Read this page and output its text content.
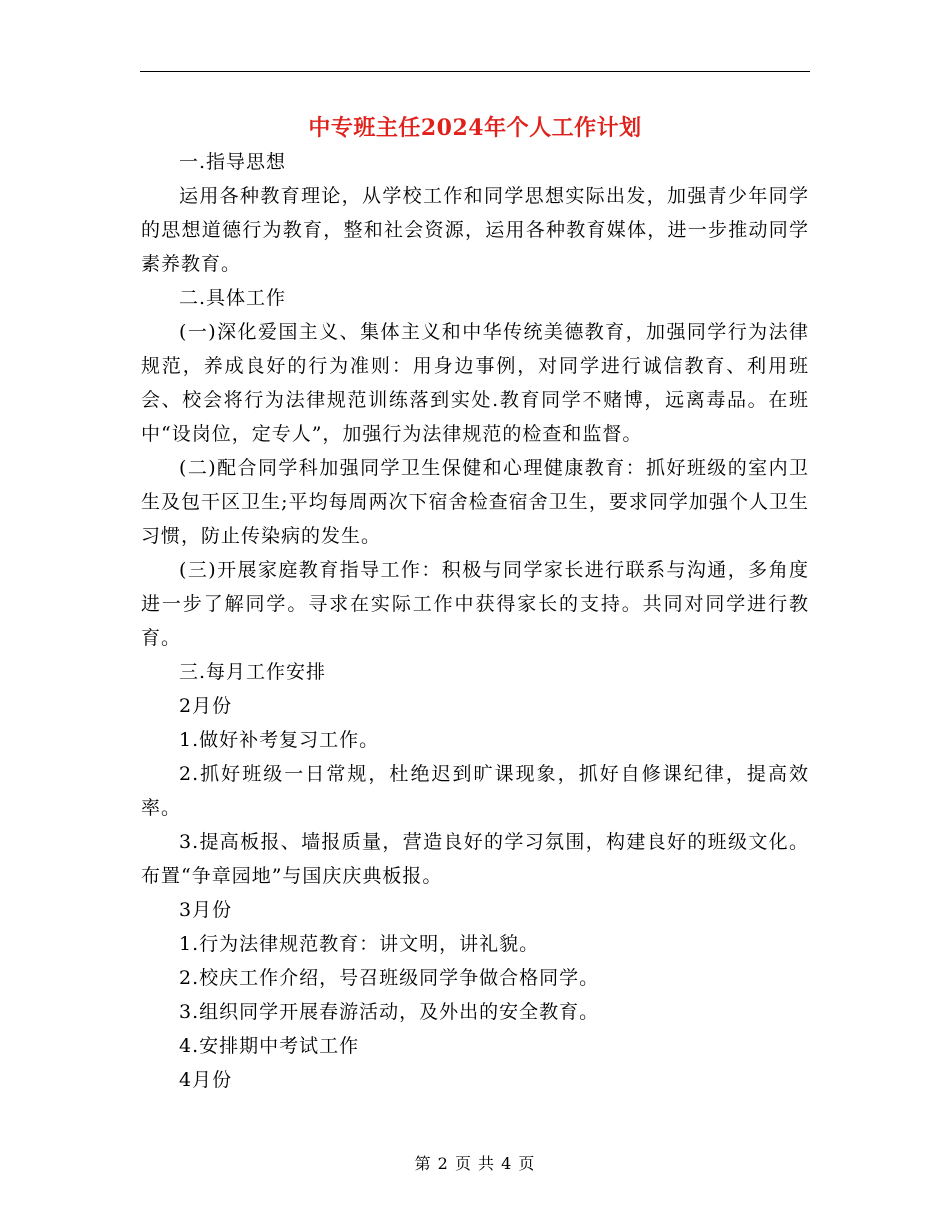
中专班主任2024年个人工作计划

一.指导思想

运用各种教育理论，从学校工作和同学思想实际出发，加强青少年同学的思想道德行为教育，整和社会资源，运用各种教育媒体，进一步推动同学素养教育。

二.具体工作

(一)深化爱国主义、集体主义和中华传统美德教育，加强同学行为法律规范，养成良好的行为准则：用身边事例，对同学进行诚信教育、利用班会、校会将行为法律规范训练落到实处.教育同学不赌博，远离毒品。在班中“设岗位，定专人”，加强行为法律规范的检查和监督。

(二)配合同学科加强同学卫生保健和心理健康教育：抓好班级的室内卫生及包干区卫生;平均每周两次下宿舍检查宿舍卫生，要求同学加强个人卫生习惯，防止传染病的发生。

(三)开展家庭教育指导工作：积极与同学家长进行联系与沟通，多角度进一步了解同学。寻求在实际工作中获得家长的支持。共同对同学进行教育。

三.每月工作安排

2月份

1.做好补考复习工作。

2.抓好班级一日常规，杜绝迟到旷课现象，抓好自修课纪律，提高效率。

3.提高板报、墙报质量，营造良好的学习氛围，构建良好的班级文化。布置“争章园地”与国庆庆典板报。

3月份

1.行为法律规范教育：讲文明，讲礼貌。

2.校庆工作介绍，号召班级同学争做合格同学。

3.组织同学开展春游活动，及外出的安全教育。

4.安排期中考试工作

4月份

第 2 页 共 4 页
